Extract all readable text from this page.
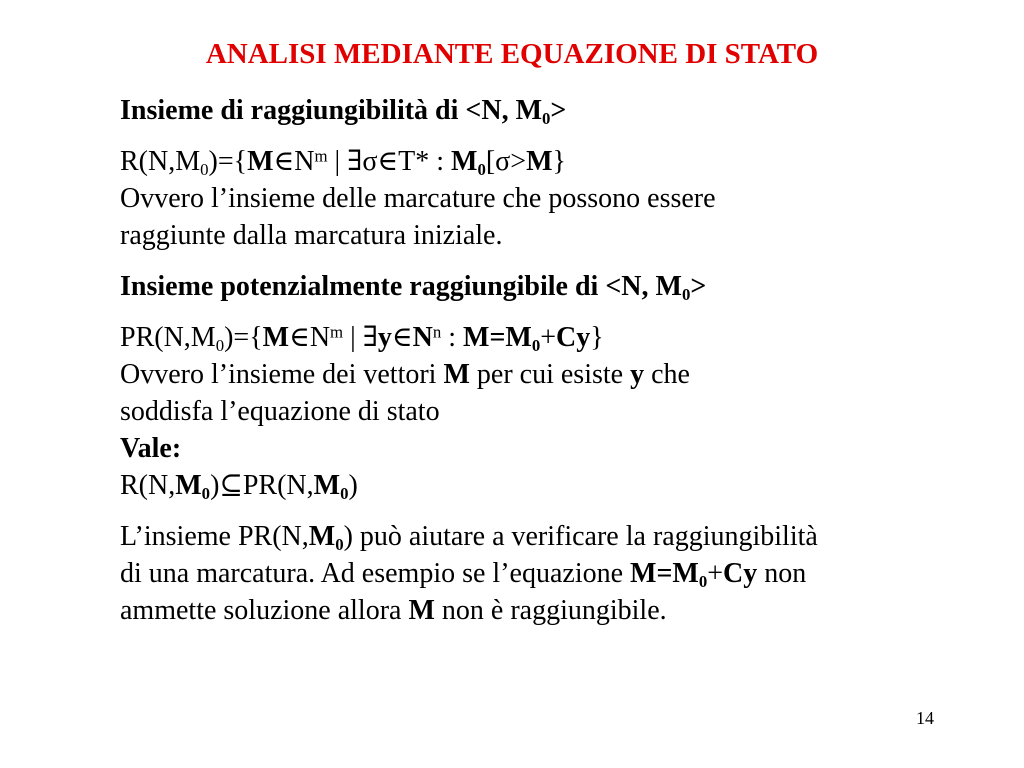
ANALISI MEDIANTE EQUAZIONE DI STATO

Insieme di raggiungibilità di <N, $M_0>$

$R(N,M_0)=\{M\in N^m$ | ∃σ∈T* : $M_0[\sigma>M\}$

Ovvero l’insieme delle marcature che possono essere

raggiunte dalla marcatura iniziale.

Insieme potenzialmente raggiungibile di <N, $M_0>$

$PR(N,M_0)=\{M\in N^m$ | $\exists y\in N^n$ : $M=M_0+Cy$}

Ovvero l’insieme dei vettori M per cui esiste y che

soddisfa l’equazione di stato

Vale:

$R(N,M_0)⊆PR(N,M_0)$

L’insieme $PR(N,M_0)$ può aiutare a verificare la raggiungibilità

di una marcatura. Ad esempio se l’equazione $M=M_0+Cy$ non

ammette soluzione allora M non è raggiungibile.

14
